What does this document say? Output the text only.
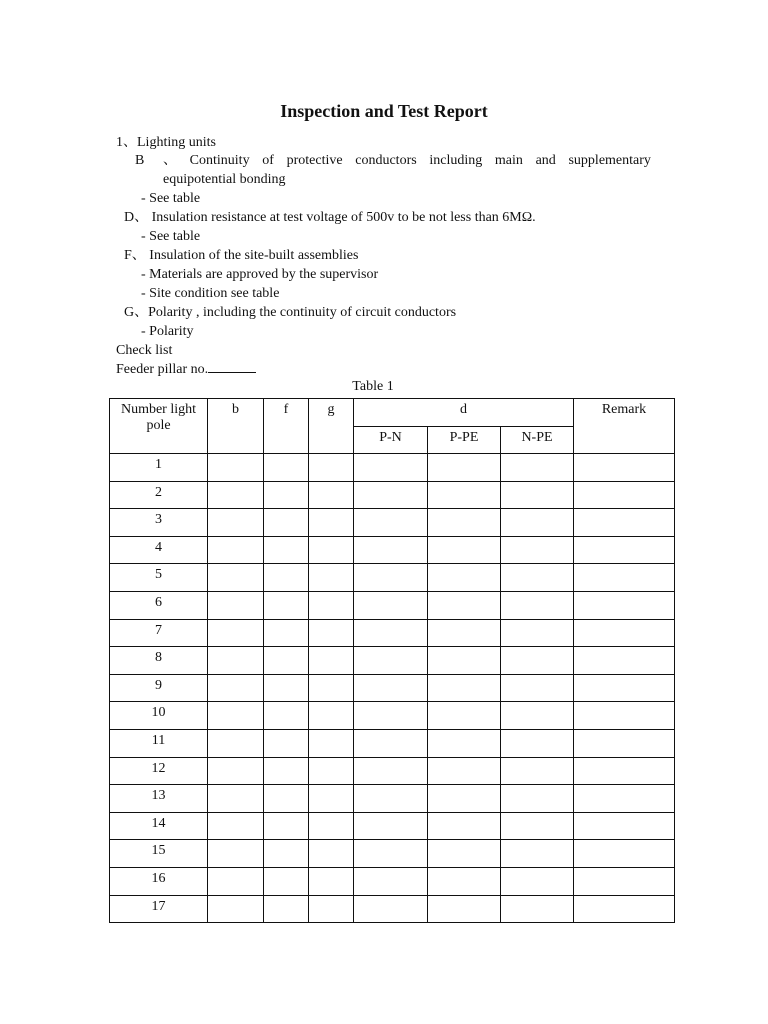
Inspection and Test Report
1、Lighting units
B 、 Continuity of protective conductors including main and supplementary
equipotential bonding
- See table
D、 Insulation resistance at test voltage of 500v to be not less than 6MΩ.
- See table
F、 Insulation of the site-built assemblies
- Materials are approved by the supervisor
- Site condition see table
G、Polarity , including the continuity of circuit conductors
- Polarity
Check list
Feeder pillar no.
Table 1
Number light pole	b	f	g	d			Remark
				P-N	P-PE	N-PE	
1							
2							
3							
4							
5							
6							
7							
8							
9							
10							
11							
12							
13							
14							
15							
16							
17							
